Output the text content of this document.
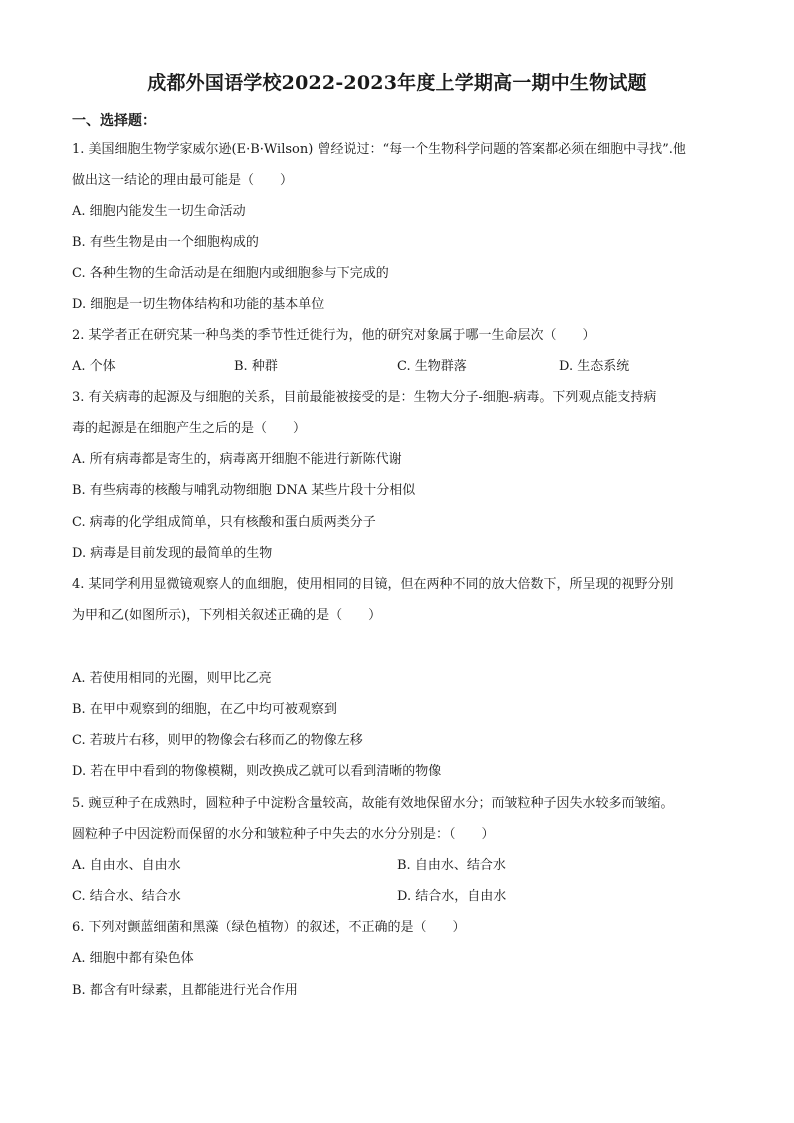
成都外国语学校2022-2023年度上学期高一期中生物试题
一、选择题：
1. 美国细胞生物学家威尔逊(E·B·Wilson) 曾经说过：“每一个生物科学问题的答案都必须在细胞中寻找”.他
做出这一结论的理由最可能是（　　）
A. 细胞内能发生一切生命活动
B. 有些生物是由一个细胞构成的
C. 各种生物的生命活动是在细胞内或细胞参与下完成的
D. 细胞是一切生物体结构和功能的基本单位
2. 某学者正在研究某一种鸟类的季节性迁徙行为，他的研究对象属于哪一生命层次（　　）
A. 个体	B. 种群	C. 生物群落	D. 生态系统
3. 有关病毒的起源及与细胞的关系，目前最能被接受的是：生物大分子-细胞-病毒。下列观点能支持病
毒的起源是在细胞产生之后的是（　　）
A. 所有病毒都是寄生的，病毒离开细胞不能进行新陈代谢
B. 有些病毒的核酸与哺乳动物细胞 DNA 某些片段十分相似
C. 病毒的化学组成简单，只有核酸和蛋白质两类分子
D. 病毒是目前发现的最简单的生物
4. 某同学利用显微镜观察人的血细胞，使用相同的目镜，但在两种不同的放大倍数下，所呈现的视野分别
为甲和乙(如图所示)，下列相关叙述正确的是（　　）
A. 若使用相同的光圈，则甲比乙亮
B. 在甲中观察到的细胞，在乙中均可被观察到
C. 若玻片右移，则甲的物像会右移而乙的物像左移
D. 若在甲中看到的物像模糊，则改换成乙就可以看到清晰的物像
5. 豌豆种子在成熟时，圆粒种子中淀粉含量较高，故能有效地保留水分；而皱粒种子因失水较多而皱缩。
圆粒种子中因淀粉而保留的水分和皱粒种子中失去的水分分别是：（　　）
A. 自由水、自由水	B. 自由水、结合水
C. 结合水、结合水	D. 结合水，自由水
6. 下列对颤蓝细菌和黑藻（绿色植物）的叙述，不正确的是（　　）
A. 细胞中都有染色体
B. 都含有叶绿素，且都能进行光合作用
